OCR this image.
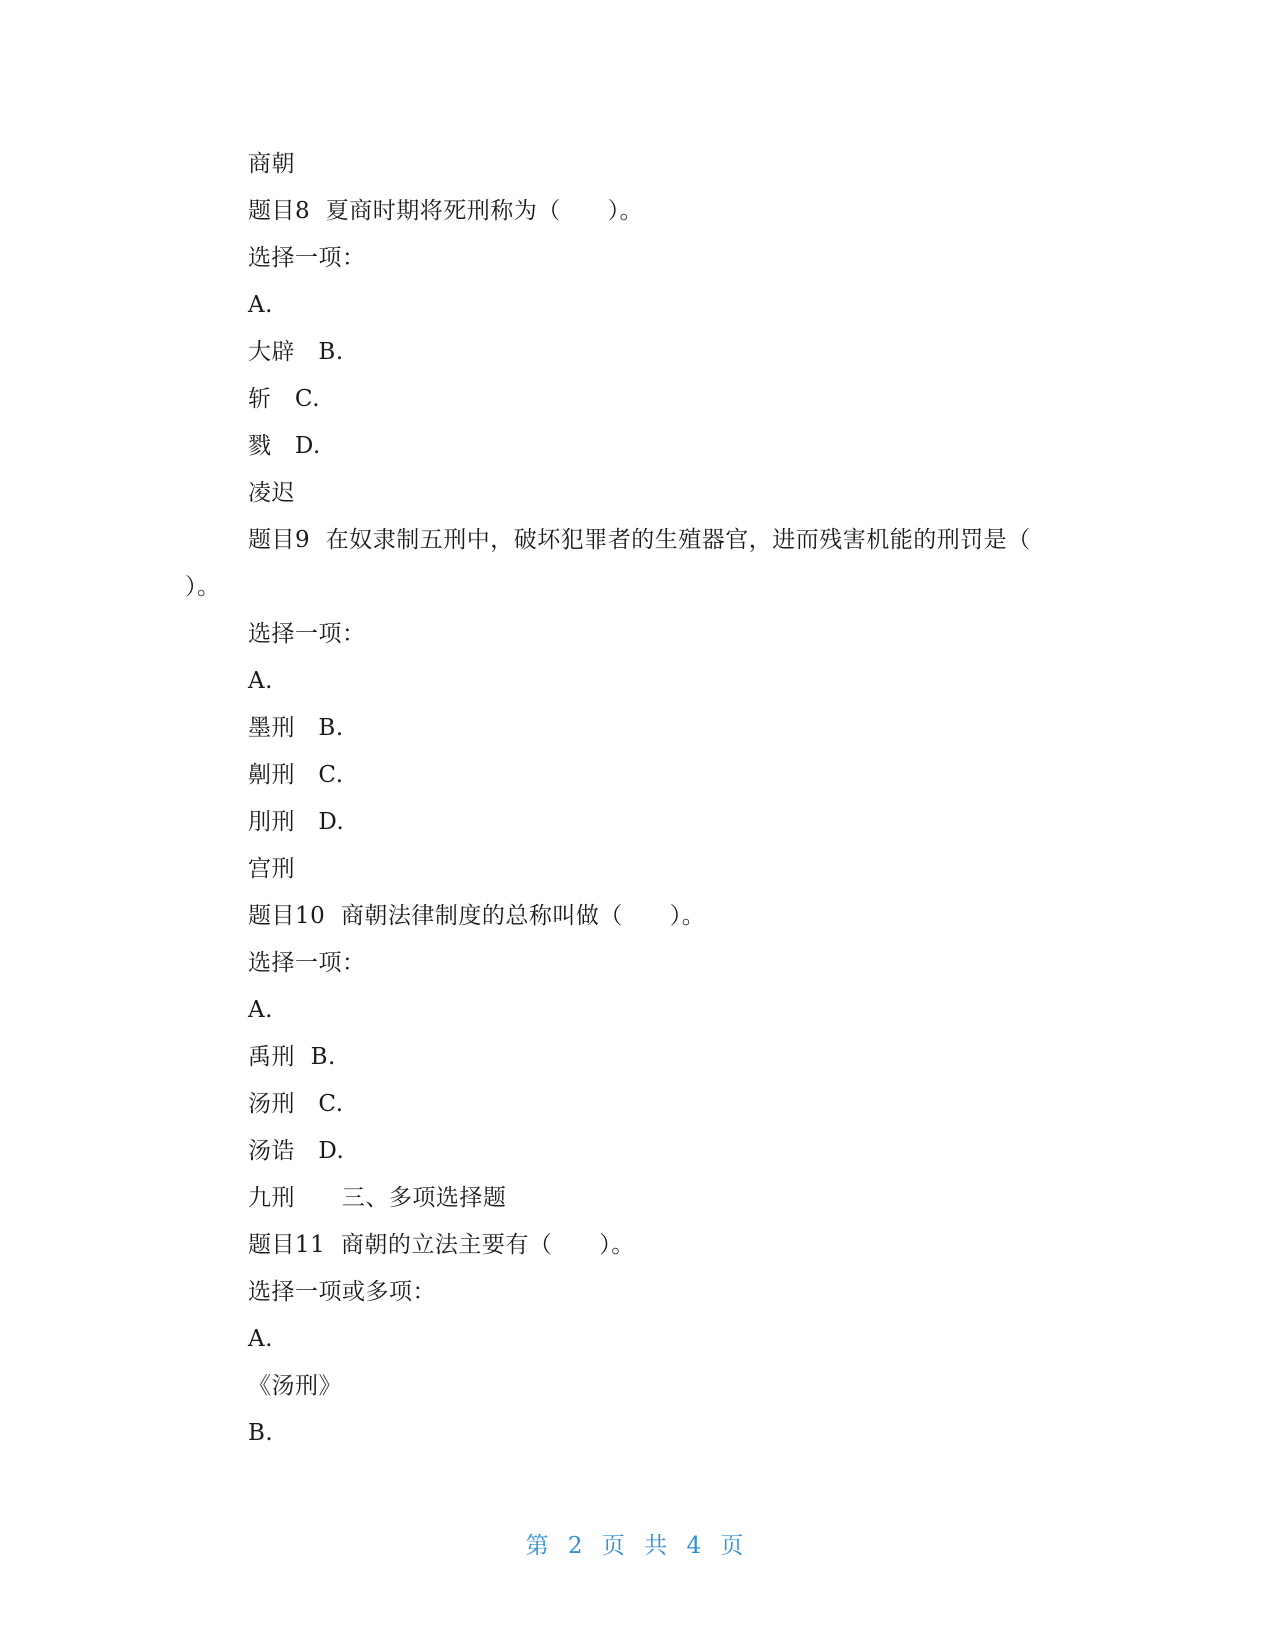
商朝
题目8  夏商时期将死刑称为（      ）。
选择一项：
A.
大辟   B.
斩   C.
戮   D.
凌迟
题目9  在奴隶制五刑中，破坏犯罪者的生殖器官，进而残害机能的刑罚是（
）。
选择一项：
A.
墨刑   B.
劓刑   C.
刖刑   D.
宫刑
题目10  商朝法律制度的总称叫做（      ）。
选择一项：
A.
禹刑  B.
汤刑   C.
汤诰   D.
九刑      三、多项选择题
题目11  商朝的立法主要有（      ）。
选择一项或多项：
A.
《汤刑》
B.
第 2 页 共 4 页
